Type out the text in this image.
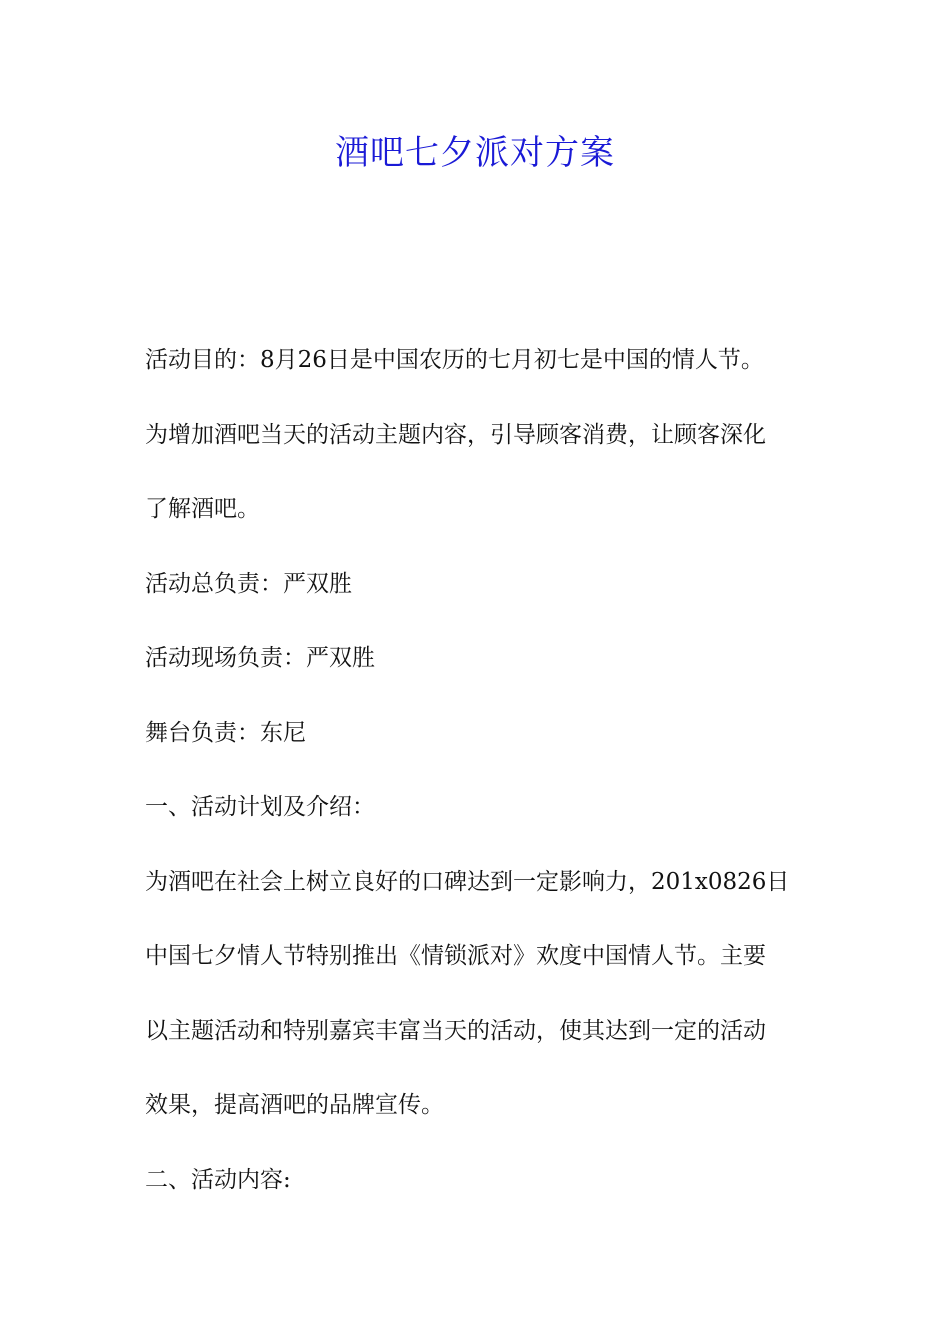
酒吧七夕派对方案
活动目的：8月26日是中国农历的七月初七是中国的情人节。
为增加酒吧当天的活动主题内容，引导顾客消费，让顾客深化
了解酒吧。
活动总负责：严双胜
活动现场负责：严双胜
舞台负责：东尼
一、活动计划及介绍：
为酒吧在社会上树立良好的口碑达到一定影响力，201x0826日
中国七夕情人节特别推出《情锁派对》欢度中国情人节。主要
以主题活动和特别嘉宾丰富当天的活动，使其达到一定的活动
效果，提高酒吧的品牌宣传。
二、活动内容:
